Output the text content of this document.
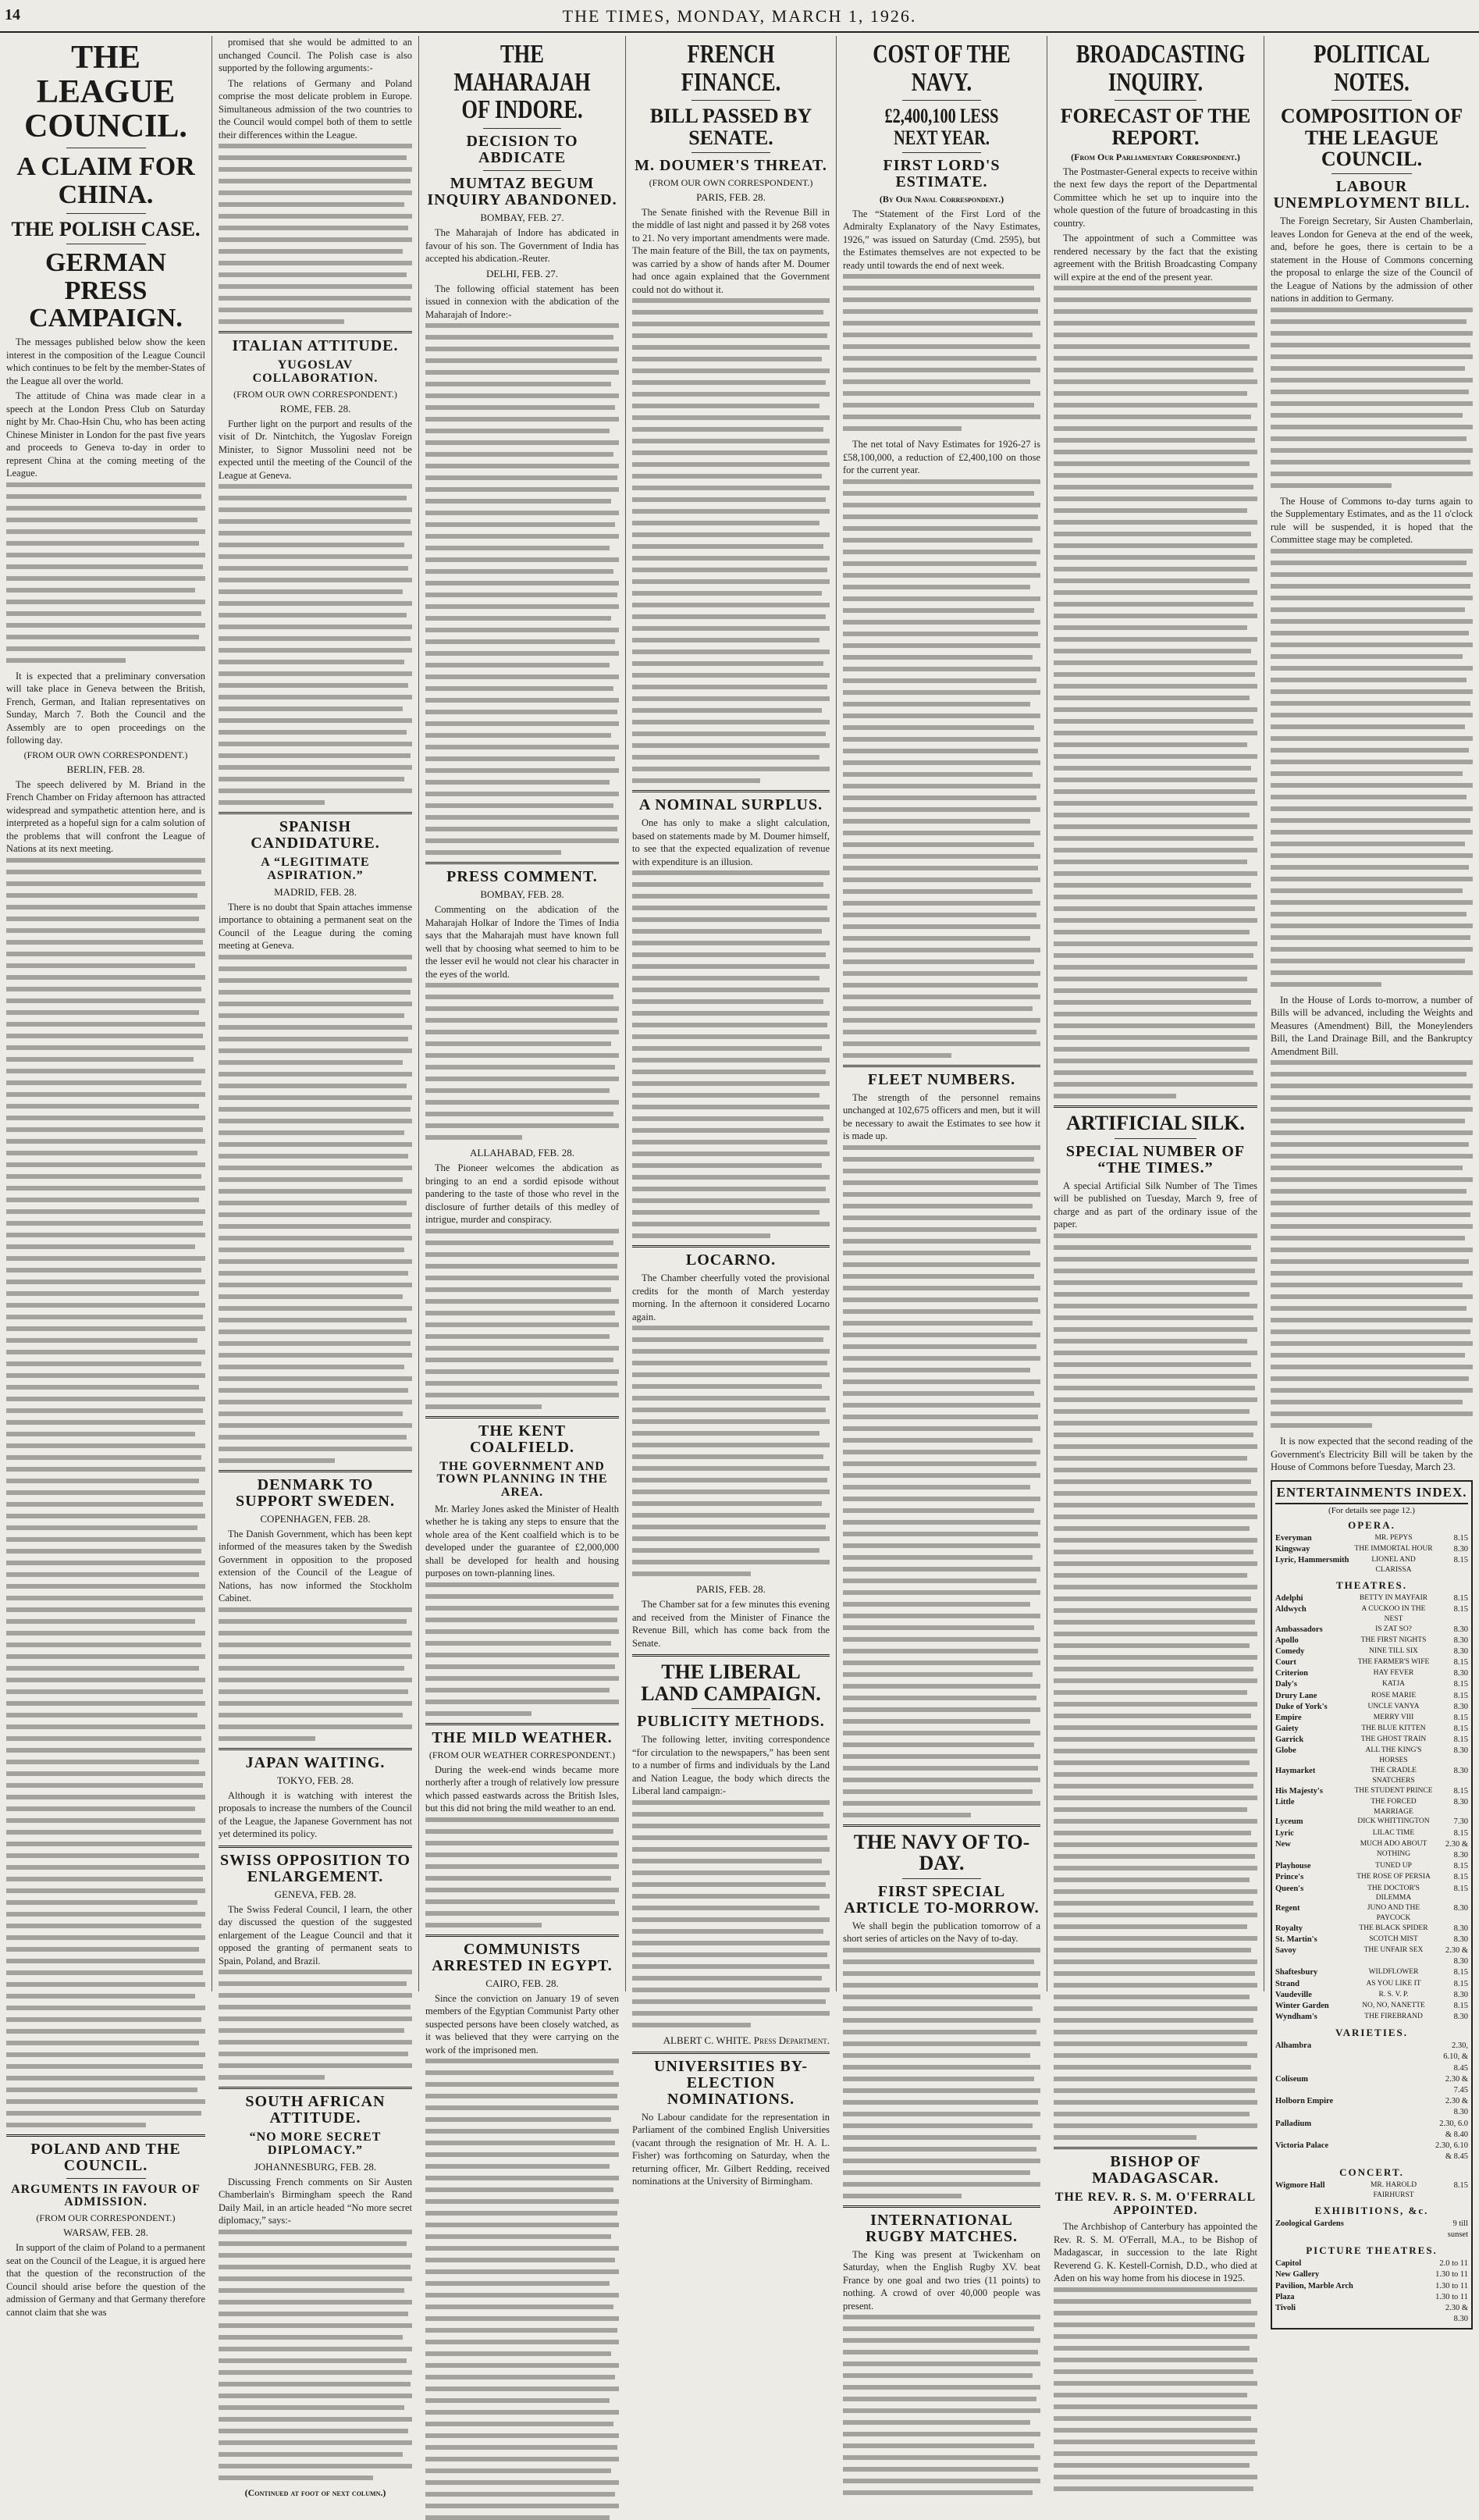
14	THE TIMES, MONDAY, MARCH 1, 1926.
THE LEAGUE COUNCIL.
A CLAIM FOR CHINA.
THE POLISH CASE.
GERMAN PRESS CAMPAIGN.

The messages published below show the keen interest in the composition of the League Council which continues to be felt by the member-States of the League all over the world.

The attitude of China was made clear in a speech at the London Press Club on Saturday night by Mr. Chao-Hsin Chu, who has been acting Chinese Minister in London for the past five years and proceeds to Geneva to-day in order to represent China at the coming meeting of the League.

It is expected that a preliminary conversation will take place in Geneva between the British, French, German, and Italian representatives on Sunday, March 7. Both the Council and the Assembly are to open proceedings on the following day.

(FROM OUR OWN CORRESPONDENT.)
BERLIN, FEB. 28.

The speech delivered by M. Briand in the French Chamber on Friday afternoon has attracted widespread and sympathetic attention here, and is interpreted as a hopeful sign for a calm solution of the problems that will confront the League of Nations at its next meeting.

POLAND AND THE COUNCIL.
ARGUMENTS IN FAVOUR OF ADMISSION.
(FROM OUR CORRESPONDENT.)
WARSAW, FEB. 28.

In support of the claim of Poland to a permanent seat on the Council of the League, it is argued here that the question of the reconstruction of the Council should arise before the question of the admission of Germany and that Germany therefore cannot claim that she was

promised that she would be admitted to an unchanged Council. The Polish case is also supported by the following arguments:-

The relations of Germany and Poland comprise the most delicate problem in Europe. Simultaneous admission of the two countries to the Council would compel both of them to settle their differences within the League.

ITALIAN ATTITUDE.
YUGOSLAV COLLABORATION.
(FROM OUR OWN CORRESPONDENT.)
ROME, FEB. 28.

Further light on the purport and results of the visit of Dr. Nintchitch, the Yugoslav Foreign Minister, to Signor Mussolini need not be expected until the meeting of the Council of the League at Geneva.

SPANISH CANDIDATURE.
A “LEGITIMATE ASPIRATION.”
MADRID, FEB. 28.

There is no doubt that Spain attaches immense importance to obtaining a permanent seat on the Council of the League during the coming meeting at Geneva.

DENMARK TO SUPPORT SWEDEN.
COPENHAGEN, FEB. 28.

The Danish Government, which has been kept informed of the measures taken by the Swedish Government in opposition to the proposed extension of the Council of the League of Nations, has now informed the Stockholm Cabinet.

JAPAN WAITING.
TOKYO, FEB. 28.

Although it is watching with interest the proposals to increase the numbers of the Council of the League, the Japanese Government has not yet determined its policy.

SWISS OPPOSITION TO ENLARGEMENT.
GENEVA, FEB. 28.

The Swiss Federal Council, I learn, the other day discussed the question of the suggested enlargement of the League Council and that it opposed the granting of permanent seats to Spain, Poland, and Brazil.

SOUTH AFRICAN ATTITUDE.
“NO MORE SECRET DIPLOMACY.”
JOHANNESBURG, FEB. 28.

Discussing French comments on Sir Austen Chamberlain's Birmingham speech the Rand Daily Mail, in an article headed “No more secret diplomacy,” says:-

(Continued at foot of next column.)
THE MAHARAJAH OF INDORE.
DECISION TO ABDICATE
MUMTAZ BEGUM INQUIRY ABANDONED.
BOMBAY, FEB. 27.

The Maharajah of Indore has abdicated in favour of his son. The Government of India has accepted his abdication.-Reuter.

DELHI, FEB. 27.

The following official statement has been issued in connexion with the abdication of the Maharajah of Indore:-

PRESS COMMENT.
BOMBAY, FEB. 28.

Commenting on the abdication of the Maharajah Holkar of Indore the Times of India says that the Maharajah must have known full well that by choosing what seemed to him to be the lesser evil he would not clear his character in the eyes of the world.

ALLAHABAD, FEB. 28.

The Pioneer welcomes the abdication as bringing to an end a sordid episode without pandering to the taste of those who revel in the disclosure of further details of this medley of intrigue, murder and conspiracy.

THE KENT COALFIELD.
THE GOVERNMENT AND TOWN PLANNING IN THE AREA.

Mr. Marley Jones asked the Minister of Health whether he is taking any steps to ensure that the whole area of the Kent coalfield which is to be developed under the guarantee of £2,000,000 shall be developed for health and housing purposes on town-planning lines.

THE MILD WEATHER.
(FROM OUR WEATHER CORRESPONDENT.)

During the week-end winds became more northerly after a trough of relatively low pressure which passed eastwards across the British Isles, but this did not bring the mild weather to an end.

COMMUNISTS ARRESTED IN EGYPT.
CAIRO, FEB. 28.

Since the conviction on January 19 of seven members of the Egyptian Communist Party other suspected persons have been closely watched, as it was believed that they were carrying on the work of the imprisoned men.

FRENCH FINANCE.
BILL PASSED BY SENATE.
M. DOUMER'S THREAT.
(FROM OUR OWN CORRESPONDENT.)
PARIS, FEB. 28.

The Senate finished with the Revenue Bill in the middle of last night and passed it by 268 votes to 21. No very important amendments were made. The main feature of the Bill, the tax on payments, was carried by a show of hands after M. Doumer had once again explained that the Government could not do without it.

A NOMINAL SURPLUS.

One has only to make a slight calculation, based on statements made by M. Doumer himself, to see that the expected equalization of revenue with expenditure is an illusion.

LOCARNO.

The Chamber cheerfully voted the provisional credits for the month of March yesterday morning. In the afternoon it considered Locarno again.

PARIS, FEB. 28.

The Chamber sat for a few minutes this evening and received from the Minister of Finance the Revenue Bill, which has come back from the Senate.

THE LIBERAL LAND CAMPAIGN.
PUBLICITY METHODS.

The following letter, inviting correspondence “for circulation to the newspapers,” has been sent to a number of firms and individuals by the Land and Nation League, the body which directs the Liberal land campaign:-

ALBERT C. WHITE. Press Department.
UNIVERSITIES BY-ELECTION NOMINATIONS.

No Labour candidate for the representation in Parliament of the combined English Universities (vacant through the resignation of Mr. H. A. L. Fisher) was forthcoming on Saturday, when the returning officer, Mr. Gilbert Redding, received nominations at the University of Birmingham.

COST OF THE NAVY.
£2,400,100 LESS NEXT YEAR.
FIRST LORD'S ESTIMATE.
(By Our Naval Correspondent.)

The “Statement of the First Lord of the Admiralty Explanatory of the Navy Estimates, 1926,” was issued on Saturday (Cmd. 2595), but the Estimates themselves are not expected to be ready until towards the end of next week.

The net total of Navy Estimates for 1926-27 is £58,100,000, a reduction of £2,400,100 on those for the current year.

FLEET NUMBERS.

The strength of the personnel remains unchanged at 102,675 officers and men, but it will be necessary to await the Estimates to see how it is made up.

THE NAVY OF TO-DAY.
FIRST SPECIAL ARTICLE TO-MORROW.

We shall begin the publication tomorrow of a short series of articles on the Navy of to-day.

INTERNATIONAL RUGBY MATCHES.

The King was present at Twickenham on Saturday, when the English Rugby XV. beat France by one goal and two tries (11 points) to nothing. A crowd of over 40,000 people was present.

BROADCASTING INQUIRY.
FORECAST OF THE REPORT.
(From Our Parliamentary Correspondent.)

The Postmaster-General expects to receive within the next few days the report of the Departmental Committee which he set up to inquire into the whole question of the future of broadcasting in this country.

The appointment of such a Committee was rendered necessary by the fact that the existing agreement with the British Broadcasting Company will expire at the end of the present year.

ARTIFICIAL SILK.
SPECIAL NUMBER OF “THE TIMES.”

A special Artificial Silk Number of The Times will be published on Tuesday, March 9, free of charge and as part of the ordinary issue of the paper.

BISHOP OF MADAGASCAR.
THE REV. R. S. M. O'FERRALL APPOINTED.

The Archbishop of Canterbury has appointed the Rev. R. S. M. O'Ferrall, M.A., to be Bishop of Madagascar, in succession to the late Right Reverend G. K. Kestell-Cornish, D.D., who died at Aden on his way home from his diocese in 1925.

POLITICAL NOTES.
COMPOSITION OF THE LEAGUE COUNCIL.
LABOUR UNEMPLOYMENT BILL.

The Foreign Secretary, Sir Austen Chamberlain, leaves London for Geneva at the end of the week, and, before he goes, there is certain to be a statement in the House of Commons concerning the proposal to enlarge the size of the Council of the League of Nations by the admission of other nations in addition to Germany.

The House of Commons to-day turns again to the Supplementary Estimates, and as the 11 o'clock rule will be suspended, it is hoped that the Committee stage may be completed.

In the House of Lords to-morrow, a number of Bills will be advanced, including the Weights and Measures (Amendment) Bill, the Moneylenders Bill, the Land Drainage Bill, and the Bankruptcy Amendment Bill.

It is now expected that the second reading of the Government's Electricity Bill will be taken by the House of Commons before Tuesday, March 23.

ENTERTAINMENTS INDEX.
(For details see page 12.)
OPERA.
Everyman	MR. PEPYS	8.15
Kingsway	THE IMMORTAL HOUR	8.30
Lyric, Hammersmith	LIONEL AND CLARISSA
8.15
THEATRES.
Adelphi	BETTY IN MAYFAIR	8.15
Aldwych	A CUCKOO IN THE NEST
8.15
Ambassadors	IS ZAT SO?	8.30
Apollo	THE FIRST NIGHTS	8.30
Comedy	NINE TILL SIX	8.30
Court	THE FARMER'S WIFE	8.15
Criterion	HAY FEVER	8.30
Daly's	KATJA	8.15
Drury Lane	ROSE MARIE	8.15
Duke of York's	UNCLE VANYA	8.30
Empire	MERRY VIII	8.15
Gaiety	THE BLUE KITTEN	8.15
Garrick	THE GHOST TRAIN	8.15
Globe	ALL THE KING'S HORSES
8.30
Haymarket	THE CRADLE SNATCHERS
8.30
His Majesty's	THE STUDENT PRINCE	8.15
Little	THE FORCED MARRIAGE
8.30
Lyceum	DICK WHITTINGTON	7.30
Lyric	LILAC TIME	8.15
New	MUCH ADO ABOUT NOTHING
2.30 & 8.30
Playhouse	TUNED UP	8.15
Prince's	THE ROSE OF PERSIA	8.15
Queen's	THE DOCTOR'S DILEMMA
8.15
Regent	JUNO AND THE PAYCOCK
8.30
Royalty	THE BLACK SPIDER	8.30
St. Martin's	SCOTCH MIST	8.30
Savoy	THE UNFAIR SEX	2.30 & 8.30
Shaftesbury	WILDFLOWER	8.15
Strand	AS YOU LIKE IT	8.15
Vaudeville	R. S. V. P.	8.30
Winter Garden	NO, NO, NANETTE	8.15
Wyndham's	THE FIREBRAND	8.30
VARIETIES.
Alhambra	2.30, 6.10, & 8.45
Coliseum	2.30 & 7.45
Holborn Empire	2.30 & 8.30
Palladium	2.30, 6.0 & 8.40
Victoria Palace	2.30, 6.10 & 8.45
CONCERT.
Wigmore Hall	MR. HAROLD FAIRHURST
8.15
EXHIBITIONS, &c.
Zoological Gardens	9 till sunset
PICTURE THEATRES.
Capitol	2.0 to 11
New Gallery	1.30 to 11
Pavilion, Marble Arch	1.30 to 11
Plaza	1.30 to 11
Tivoli	2.30 & 8.30
